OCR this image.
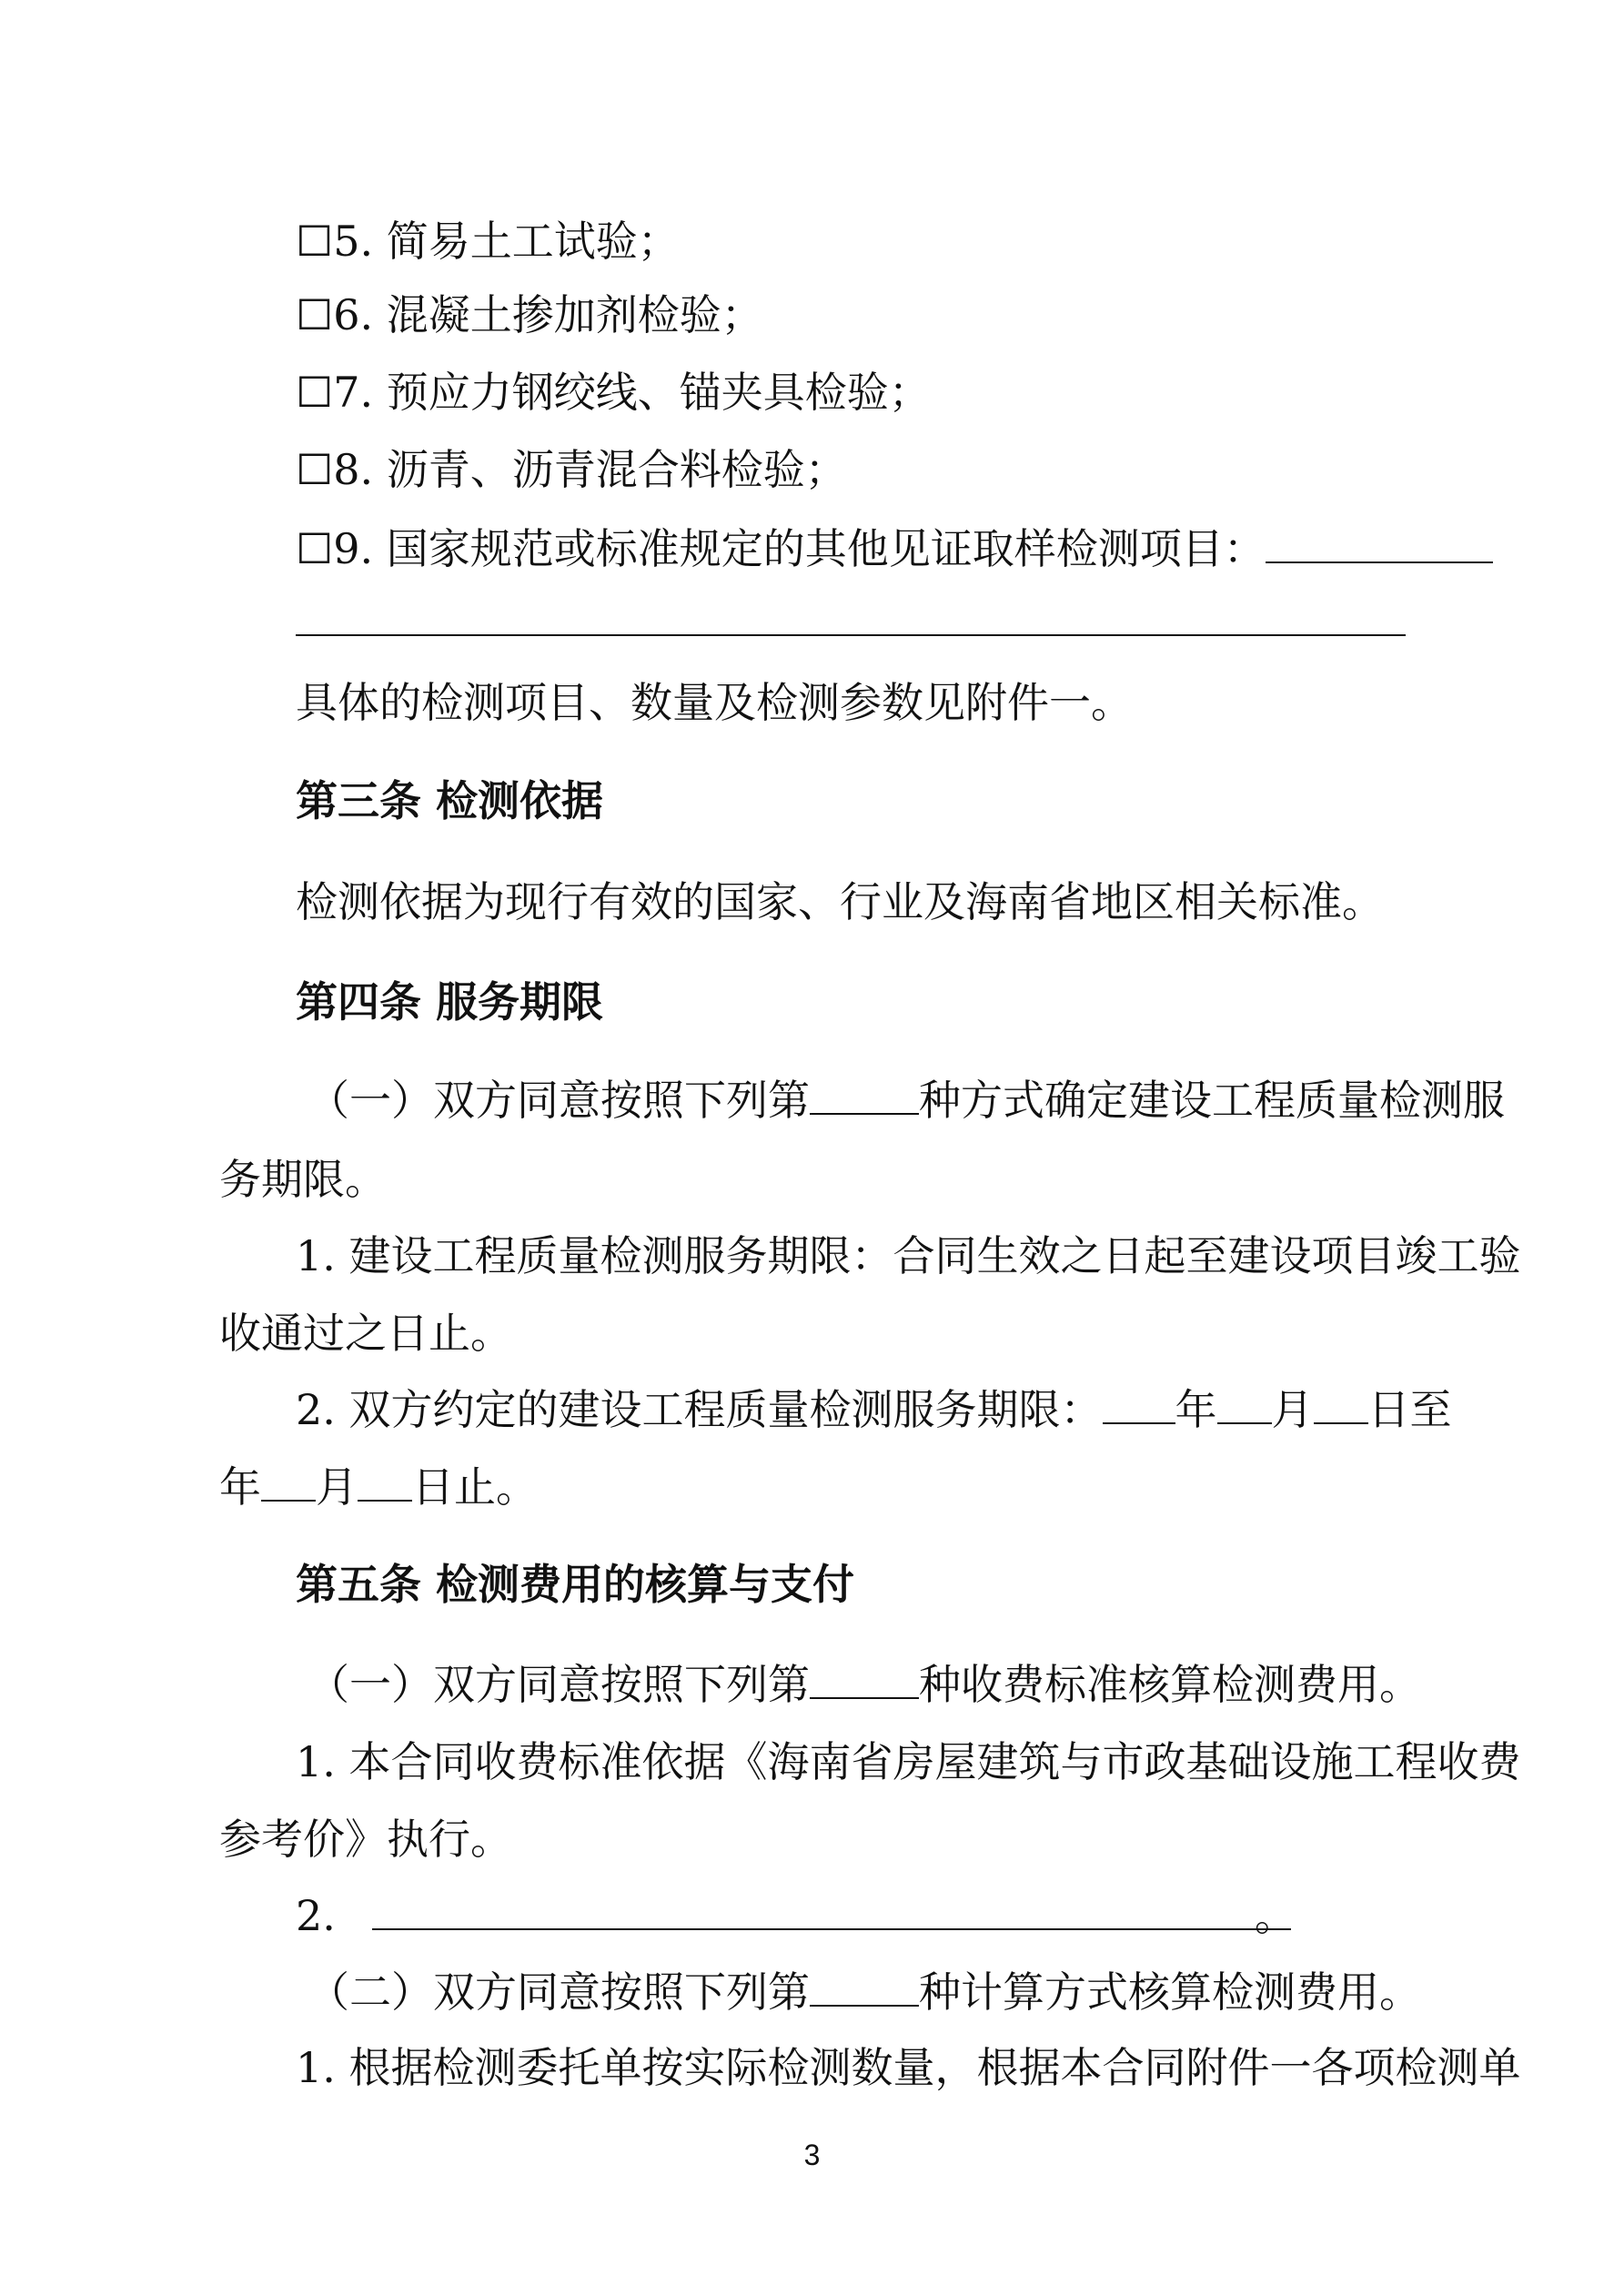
☐5. 简易土工试验；
☐6. 混凝土掺加剂检验；
☐7. 预应力钢绞线、锚夹具检验；
☐8. 沥青、沥青混合料检验；
☐9. 国家规范或标准规定的其他见证取样检测项目：
具体的检测项目、数量及检测参数见附件一。
第三条 检测依据
检测依据为现行有效的国家、行业及海南省地区相关标准。
第四条 服务期限
（一）双方同意按照下列第	种方式确定建设工程质量检测服
务期限。
1. 建设工程质量检测服务期限：合同生效之日起至建设项目竣工验
收通过之日止。
2. 双方约定的建设工程质量检测服务期限： 年 月 日至
年 月 日止。
第五条 检测费用的核算与支付
（一）双方同意按照下列第	种收费标准核算检测费用。
1. 本合同收费标准依据《海南省房屋建筑与市政基础设施工程收费
参考价》执行。
2.	。
（二）双方同意按照下列第	种计算方式核算检测费用。
1. 根据检测委托单按实际检测数量，根据本合同附件一各项检测单
3
